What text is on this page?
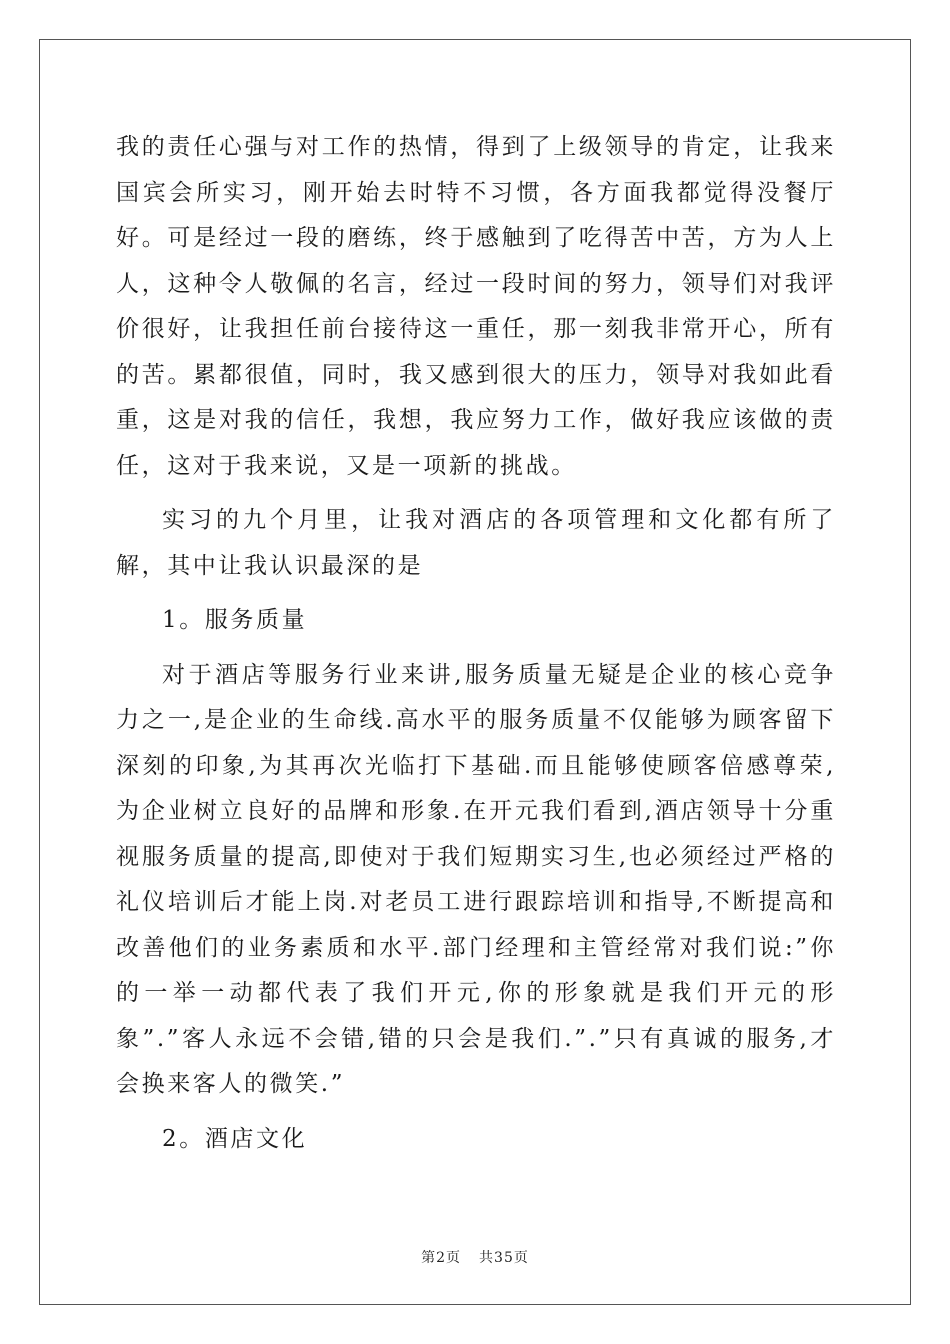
我的责任心强与对工作的热情，得到了上级领导的肯定，让我来国宾会所实习，刚开始去时特不习惯，各方面我都觉得没餐厅好。可是经过一段的磨练，终于感触到了吃得苦中苦，方为人上人，这种令人敬佩的名言，经过一段时间的努力，领导们对我评价很好，让我担任前台接待这一重任，那一刻我非常开心，所有的苦。累都很值，同时，我又感到很大的压力，领导对我如此看重，这是对我的信任，我想，我应努力工作，做好我应该做的责任，这对于我来说，又是一项新的挑战。

实习的九个月里，让我对酒店的各项管理和文化都有所了解，其中让我认识最深的是

1。服务质量

对于酒店等服务行业来讲,服务质量无疑是企业的核心竞争力之一,是企业的生命线.高水平的服务质量不仅能够为顾客留下深刻的印象,为其再次光临打下基础.而且能够使顾客倍感尊荣,为企业树立良好的品牌和形象.在开元我们看到,酒店领导十分重视服务质量的提高,即使对于我们短期实习生,也必须经过严格的礼仪培训后才能上岗.对老员工进行跟踪培训和指导,不断提高和改善他们的业务素质和水平.部门经理和主管经常对我们说:”你的一举一动都代表了我们开元,你的形象就是我们开元的形象”.”客人永远不会错,错的只会是我们.”.”只有真诚的服务,才会换来客人的微笑.”

2。酒店文化

第2页 共35页
